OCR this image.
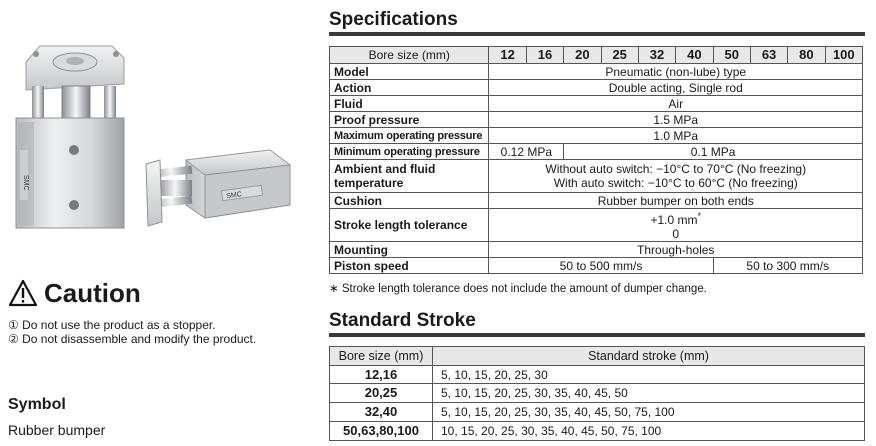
SMC
SMC
Caution
① Do not use the product as a stopper.
② Do not disassemble and modify the product.
Symbol
Rubber bumper
Specifications
Bore size (mm)	12	16	20	25	32	40	50	63	80	100
Model	Pneumatic (non-lube) type									
Action	Double acting, Single rod									
Fluid	Air									
Proof pressure	1.5 MPa									
Maximum operating pressure	1.0 MPa									
Minimum operating pressure	0.12 MPa		0.1 MPa							
Ambient and fluid temperature	Without auto switch: −10°C to 70°C (No freezing)
With auto switch: −10°C to 60°C (No freezing)									

Cushion	Rubber bumper on both ends									
Stroke length tolerance	+1.0 mm*
0									

Mounting	Through-holes									
Piston speed	50 to 500 mm/s						50 to 300 mm/s			
∗ Stroke length tolerance does not include the amount of dumper change.
Standard Stroke
Bore size (mm)	Standard stroke (mm)
12,16	5, 10, 15, 20, 25, 30
20,25	5, 10, 15, 20, 25, 30, 35, 40, 45, 50
32,40	5, 10, 15, 20, 25, 30, 35, 40, 45, 50, 75, 100
50,63,80,100	10, 15, 20, 25, 30, 35, 40, 45, 50, 75, 100
